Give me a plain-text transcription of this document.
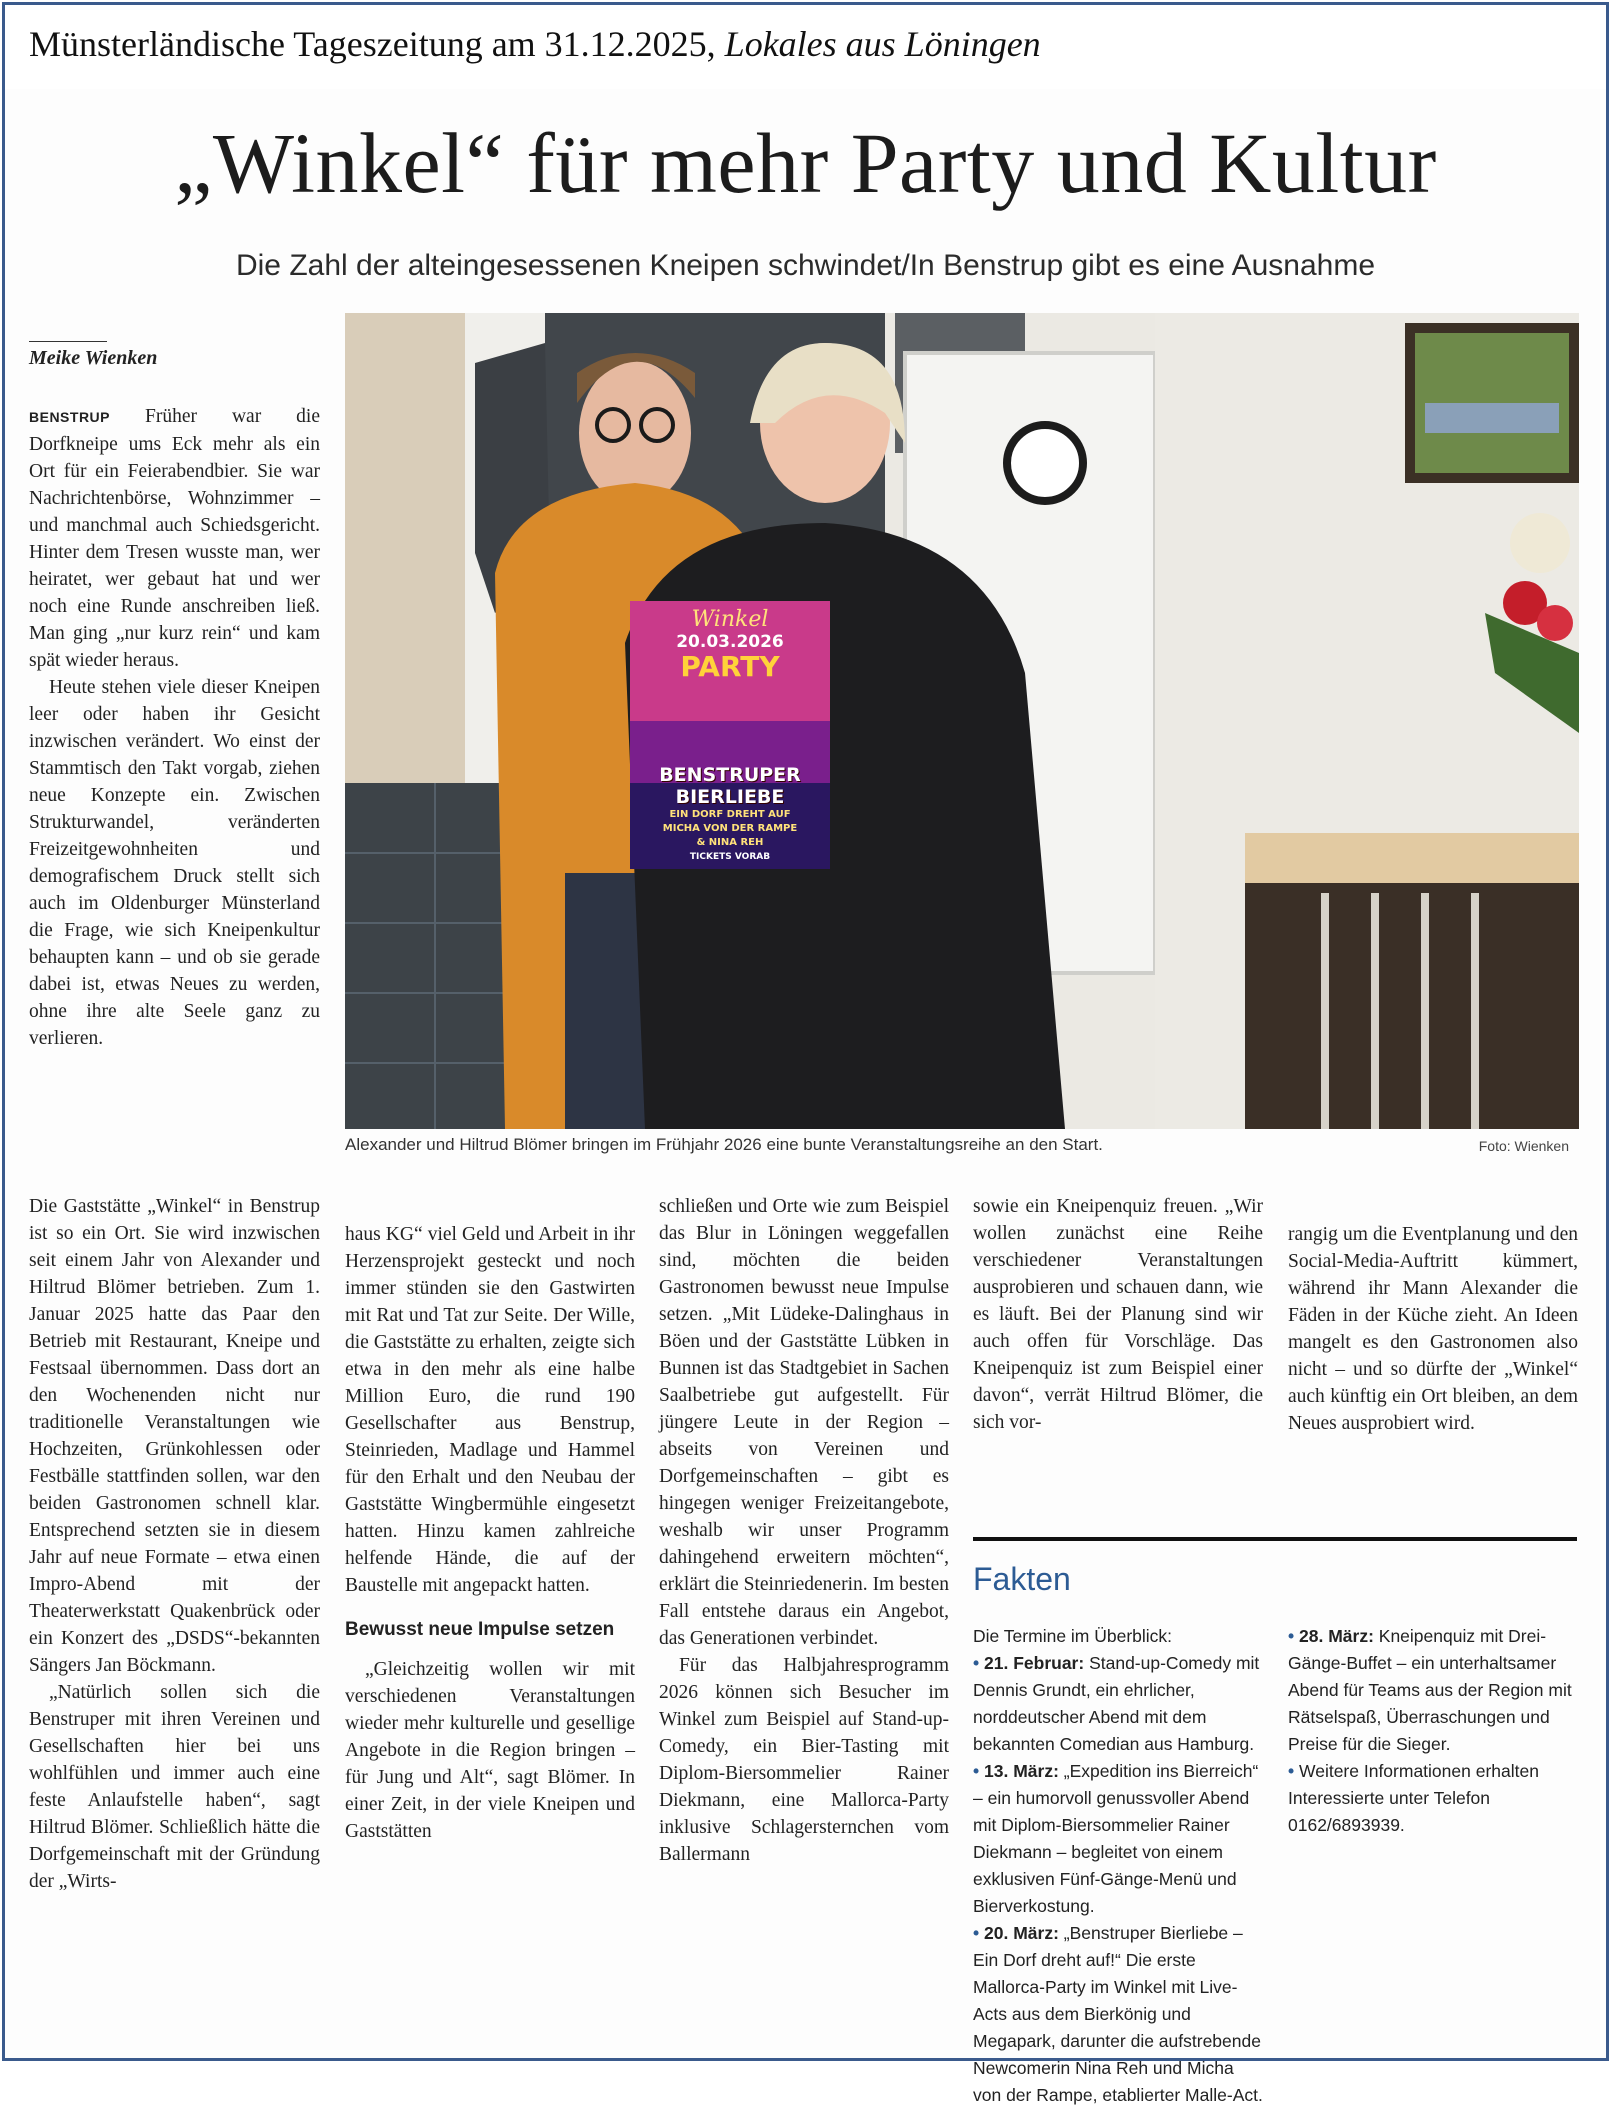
Münsterländische Tageszeitung am 31.12.2025, Lokales aus Löningen
„Winkel“ für mehr Party und Kultur
Die Zahl der alteingesessenen Kneipen schwindet/In Benstrup gibt es eine Ausnahme
Meike Wienken

BENSTRUP Früher war die Dorfkneipe ums Eck mehr als ein Ort für ein Feierabendbier. Sie war Nachrichtenbörse, Wohnzimmer – und manchmal auch Schiedsgericht. Hinter dem Tresen wusste man, wer heiratet, wer gebaut hat und wer noch eine Runde anschreiben ließ. Man ging „nur kurz rein“ und kam spät wieder heraus.

Heute stehen viele dieser Kneipen leer oder haben ihr Gesicht inzwischen verändert. Wo einst der Stammtisch den Takt vorgab, ziehen neue Konzepte ein. Zwischen Strukturwandel, veränderten Freizeitgewohnheiten und demografischem Druck stellt sich auch im Oldenburger Münsterland die Frage, wie sich Kneipenkultur behaupten kann – und ob sie gerade dabei ist, etwas Neues zu werden, ohne ihre alte Seele ganz zu verlieren.

Winkel
20.03.2026
PARTY
BENSTRUPER
BIERLIEBE
EIN DORF DREHT AUF
MICHA VON DER RAMPE
& NINA REH
TICKETS VORAB
Alexander und Hiltrud Blömer bringen im Frühjahr 2026 eine bunte Veranstaltungsreihe an den Start.	Foto: Wienken

Die Gaststätte „Winkel“ in Benstrup ist so ein Ort. Sie wird inzwischen seit einem Jahr von Alexander und Hiltrud Blömer betrieben. Zum 1. Januar 2025 hatte das Paar den Betrieb mit Restaurant, Kneipe und Festsaal übernommen. Dass dort an den Wochenenden nicht nur traditionelle Veranstaltungen wie Hochzeiten, Grünkohlessen oder Festbälle stattfinden sollen, war den beiden Gastronomen schnell klar. Entsprechend setzten sie in diesem Jahr auf neue Formate – etwa einen Impro-Abend mit der Theaterwerkstatt Quakenbrück oder ein Konzert des „DSDS“-bekannten Sängers Jan Böckmann.

„Natürlich sollen sich die Benstruper mit ihren Vereinen und Gesellschaften hier bei uns wohlfühlen und immer auch eine feste Anlaufstelle haben“, sagt Hiltrud Blömer. Schließlich hätte die Dorfgemeinschaft mit der Gründung der „Wirts-

haus KG“ viel Geld und Arbeit in ihr Herzensprojekt gesteckt und noch immer stünden sie den Gastwirten mit Rat und Tat zur Seite. Der Wille, die Gaststätte zu erhalten, zeigte sich etwa in den mehr als eine halbe Million Euro, die rund 190 Gesellschafter aus Benstrup, Steinrieden, Madlage und Hammel für den Erhalt und den Neubau der Gaststätte Wingbermühle eingesetzt hatten. Hinzu kamen zahlreiche helfende Hände, die auf der Baustelle mit angepackt hatten.

Bewusst neue Impulse setzen

„Gleichzeitig wollen wir mit verschiedenen Veranstaltungen wieder mehr kulturelle und gesellige Angebote in die Region bringen – für Jung und Alt“, sagt Blömer. In einer Zeit, in der viele Kneipen und Gaststätten

schließen und Orte wie zum Beispiel das Blur in Löningen weggefallen sind, möchten die beiden Gastronomen bewusst neue Impulse setzen. „Mit Lüdeke-Dalinghaus in Böen und der Gaststätte Lübken in Bunnen ist das Stadtgebiet in Sachen Saalbetriebe gut aufgestellt. Für jüngere Leute in der Region – abseits von Vereinen und Dorfgemeinschaften – gibt es hingegen weniger Freizeitangebote, weshalb wir unser Programm dahingehend erweitern möchten“, erklärt die Steinriedenerin. Im besten Fall entstehe daraus ein Angebot, das Generationen verbindet.

Für das Halbjahresprogramm 2026 können sich Besucher im Winkel zum Beispiel auf Stand-up-Comedy, ein Bier-Tasting mit Diplom-Biersommelier Rainer Diekmann, eine Mallorca-Party inklusive Schlagersternchen vom Ballermann

sowie ein Kneipenquiz freuen. „Wir wollen zunächst eine Reihe verschiedener Veranstaltungen ausprobieren und schauen dann, wie es läuft. Bei der Planung sind wir auch offen für Vorschläge. Das Kneipenquiz ist zum Beispiel einer davon“, verrät Hiltrud Blömer, die sich vor-

rangig um die Eventplanung und den Social-Media-Auftritt kümmert, während ihr Mann Alexander die Fäden in der Küche zieht. An Ideen mangelt es den Gastronomen also nicht – und so dürfte der „Winkel“ auch künftig ein Ort bleiben, an dem Neues ausprobiert wird.

Fakten
Die Termine im Überblick:
• 21. Februar: Stand-up-Comedy mit Dennis Grundt, ein ehrlicher, norddeutscher Abend mit dem bekannten Comedian aus Hamburg.
• 13. März: „Expedition ins Bierreich“ – ein humorvoll genussvoller Abend mit Diplom-Biersommelier Rainer Diekmann – begleitet von einem exklusiven Fünf-Gänge-Menü und Bierverkostung.
• 20. März: „Benstruper Bierliebe – Ein Dorf dreht auf!“ Die erste Mallorca-Party im Winkel mit Live-Acts aus dem Bierkönig und Megapark, darunter die aufstrebende Newcomerin Nina Reh und Micha von der Rampe, etablierter Malle-Act.
• 28. März: Kneipenquiz mit Drei-Gänge-Buffet – ein unterhaltsamer Abend für Teams aus der Region mit Rätselspaß, Überraschungen und Preise für die Sieger.
• Weitere Informationen erhalten Interessierte unter Telefon 0162/6893939.
